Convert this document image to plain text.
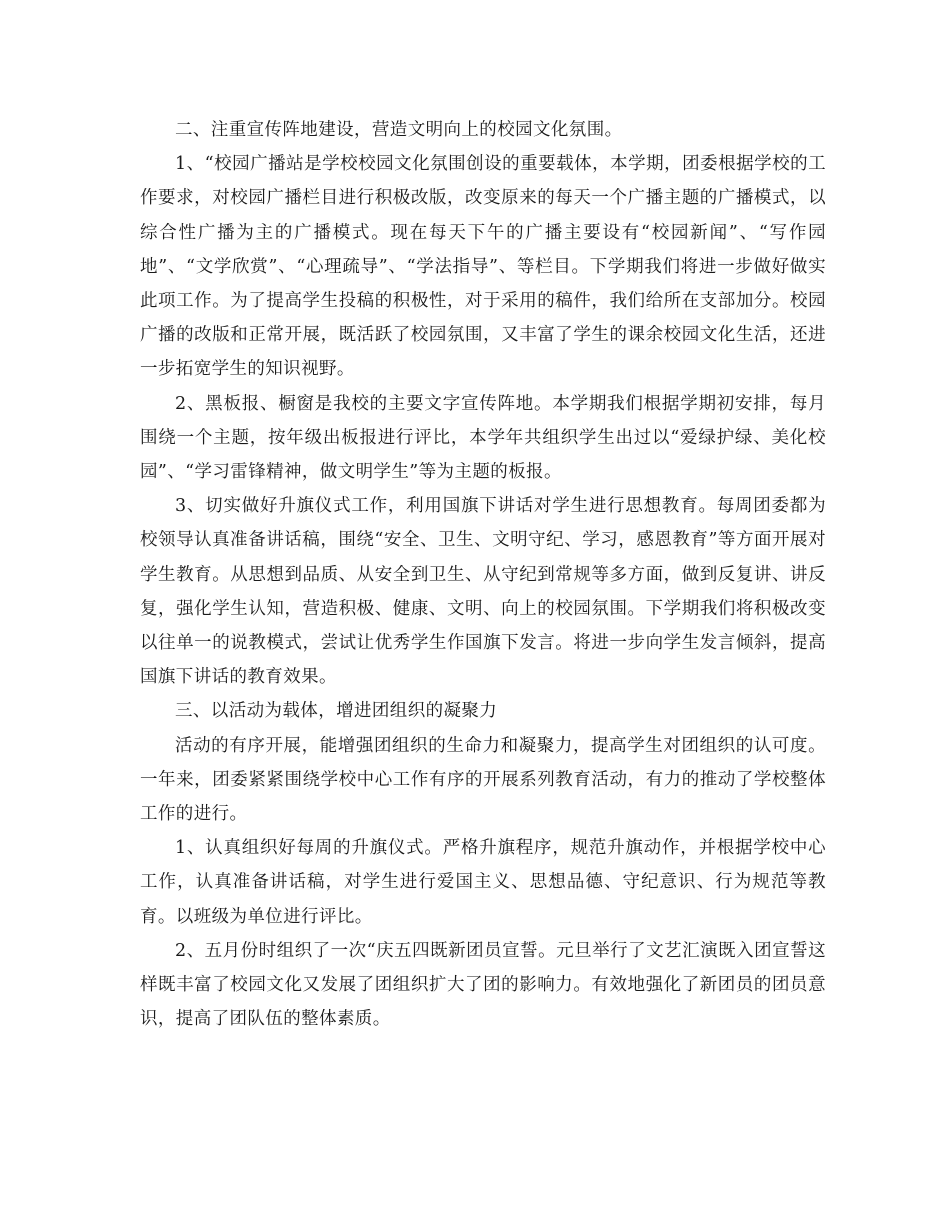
二、注重宣传阵地建设，营造文明向上的校园文化氛围。

1、“校园广播站是学校校园文化氛围创设的重要载体，本学期，团委根据学校的工作要求，对校园广播栏目进行积极改版，改变原来的每天一个广播主题的广播模式，以综合性广播为主的广播模式。现在每天下午的广播主要设有“校园新闻”、“写作园地”、“文学欣赏”、“心理疏导”、“学法指导”、等栏目。下学期我们将进一步做好做实此项工作。为了提高学生投稿的积极性，对于采用的稿件，我们给所在支部加分。校园广播的改版和正常开展，既活跃了校园氛围，又丰富了学生的课余校园文化生活，还进一步拓宽学生的知识视野。

2、黑板报、橱窗是我校的主要文字宣传阵地。本学期我们根据学期初安排，每月围绕一个主题，按年级出板报进行评比，本学年共组织学生出过以“爱绿护绿、美化校园”、“学习雷锋精神，做文明学生”等为主题的板报。

3、切实做好升旗仪式工作，利用国旗下讲话对学生进行思想教育。每周团委都为校领导认真准备讲话稿，围绕“安全、卫生、文明守纪、学习，感恩教育”等方面开展对学生教育。从思想到品质、从安全到卫生、从守纪到常规等多方面，做到反复讲、讲反复，强化学生认知，营造积极、健康、文明、向上的校园氛围。下学期我们将积极改变以往单一的说教模式，尝试让优秀学生作国旗下发言。将进一步向学生发言倾斜，提高国旗下讲话的教育效果。

三、以活动为载体，增进团组织的凝聚力

活动的有序开展，能增强团组织的生命力和凝聚力，提高学生对团组织的认可度。一年来，团委紧紧围绕学校中心工作有序的开展系列教育活动，有力的推动了学校整体工作的进行。

1、认真组织好每周的升旗仪式。严格升旗程序，规范升旗动作，并根据学校中心工作，认真准备讲话稿，对学生进行爱国主义、思想品德、守纪意识、行为规范等教育。以班级为单位进行评比。

2、五月份时组织了一次“庆五四既新团员宣誓。元旦举行了文艺汇演既入团宣誓这样既丰富了校园文化又发展了团组织扩大了团的影响力。有效地强化了新团员的团员意识，提高了团队伍的整体素质。
